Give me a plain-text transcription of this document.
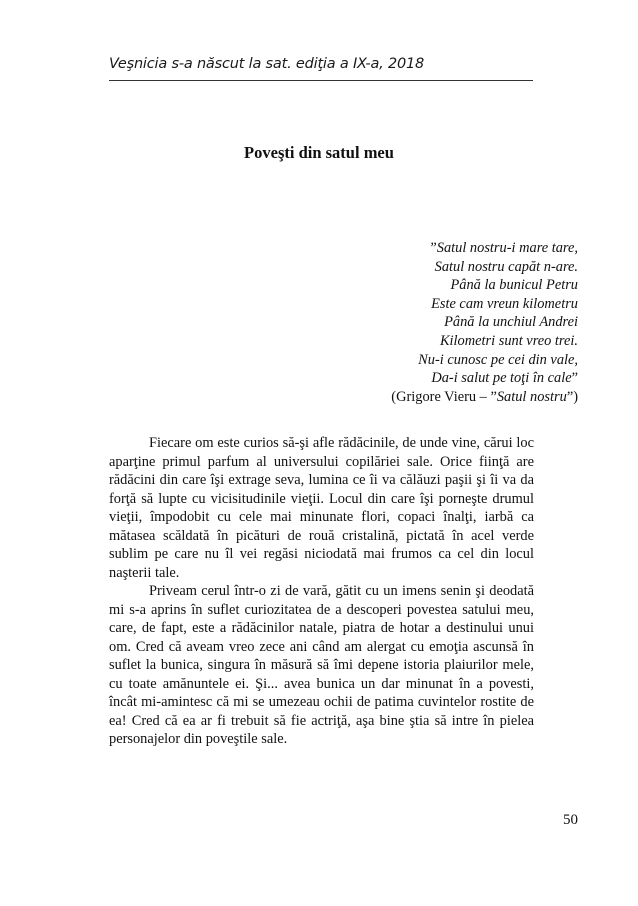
Veşnicia s-a născut la sat. ediţia a IX-a, 2018
Poveşti din satul meu
”Satul nostru-i mare tare,
Satul nostru capăt n-are.
Până la bunicul Petru
Este cam vreun kilometru
Până la unchiul Andrei
Kilometri sunt vreo trei.
Nu-i cunosc pe cei din vale,
Da-i salut pe toţi în cale”
(Grigore Vieru – ”Satul nostru”)

Fiecare om este curios să-şi afle rădăcinile, de unde vine, cărui loc aparţine primul parfum al universului copilăriei sale. Orice fiinţă are rădăcini din care îşi extrage seva, lumina ce îi va călăuzi paşii şi îi va da forţă să lupte cu vicisitudinile vieţii. Locul din care îşi porneşte drumul vieţii, împodobit cu cele mai minunate flori, copaci înalţi, iarbă ca mătasea scăldată în picături de rouă cristalină, pictată în acel verde sublim pe care nu îl vei regăsi niciodată mai frumos ca cel din locul naşterii tale.

Priveam cerul într-o zi de vară, gătit cu un imens senin şi deodată mi s-a aprins în suflet curiozitatea de a descoperi povestea satului meu, care, de fapt, este a rădăcinilor natale, piatra de hotar a destinului unui om. Cred că aveam vreo zece ani când am alergat cu emoţia ascunsă în suflet la bunica, singura în măsură să îmi depene istoria plaiurilor mele, cu toate amănuntele ei. Şi... avea bunica un dar minunat în a povesti, încât mi-amintesc că mi se umezeau ochii de patima cuvintelor rostite de ea! Cred că ea ar fi trebuit să fie actriţă, aşa bine ştia să intre în pielea personajelor din poveştile sale.

50
